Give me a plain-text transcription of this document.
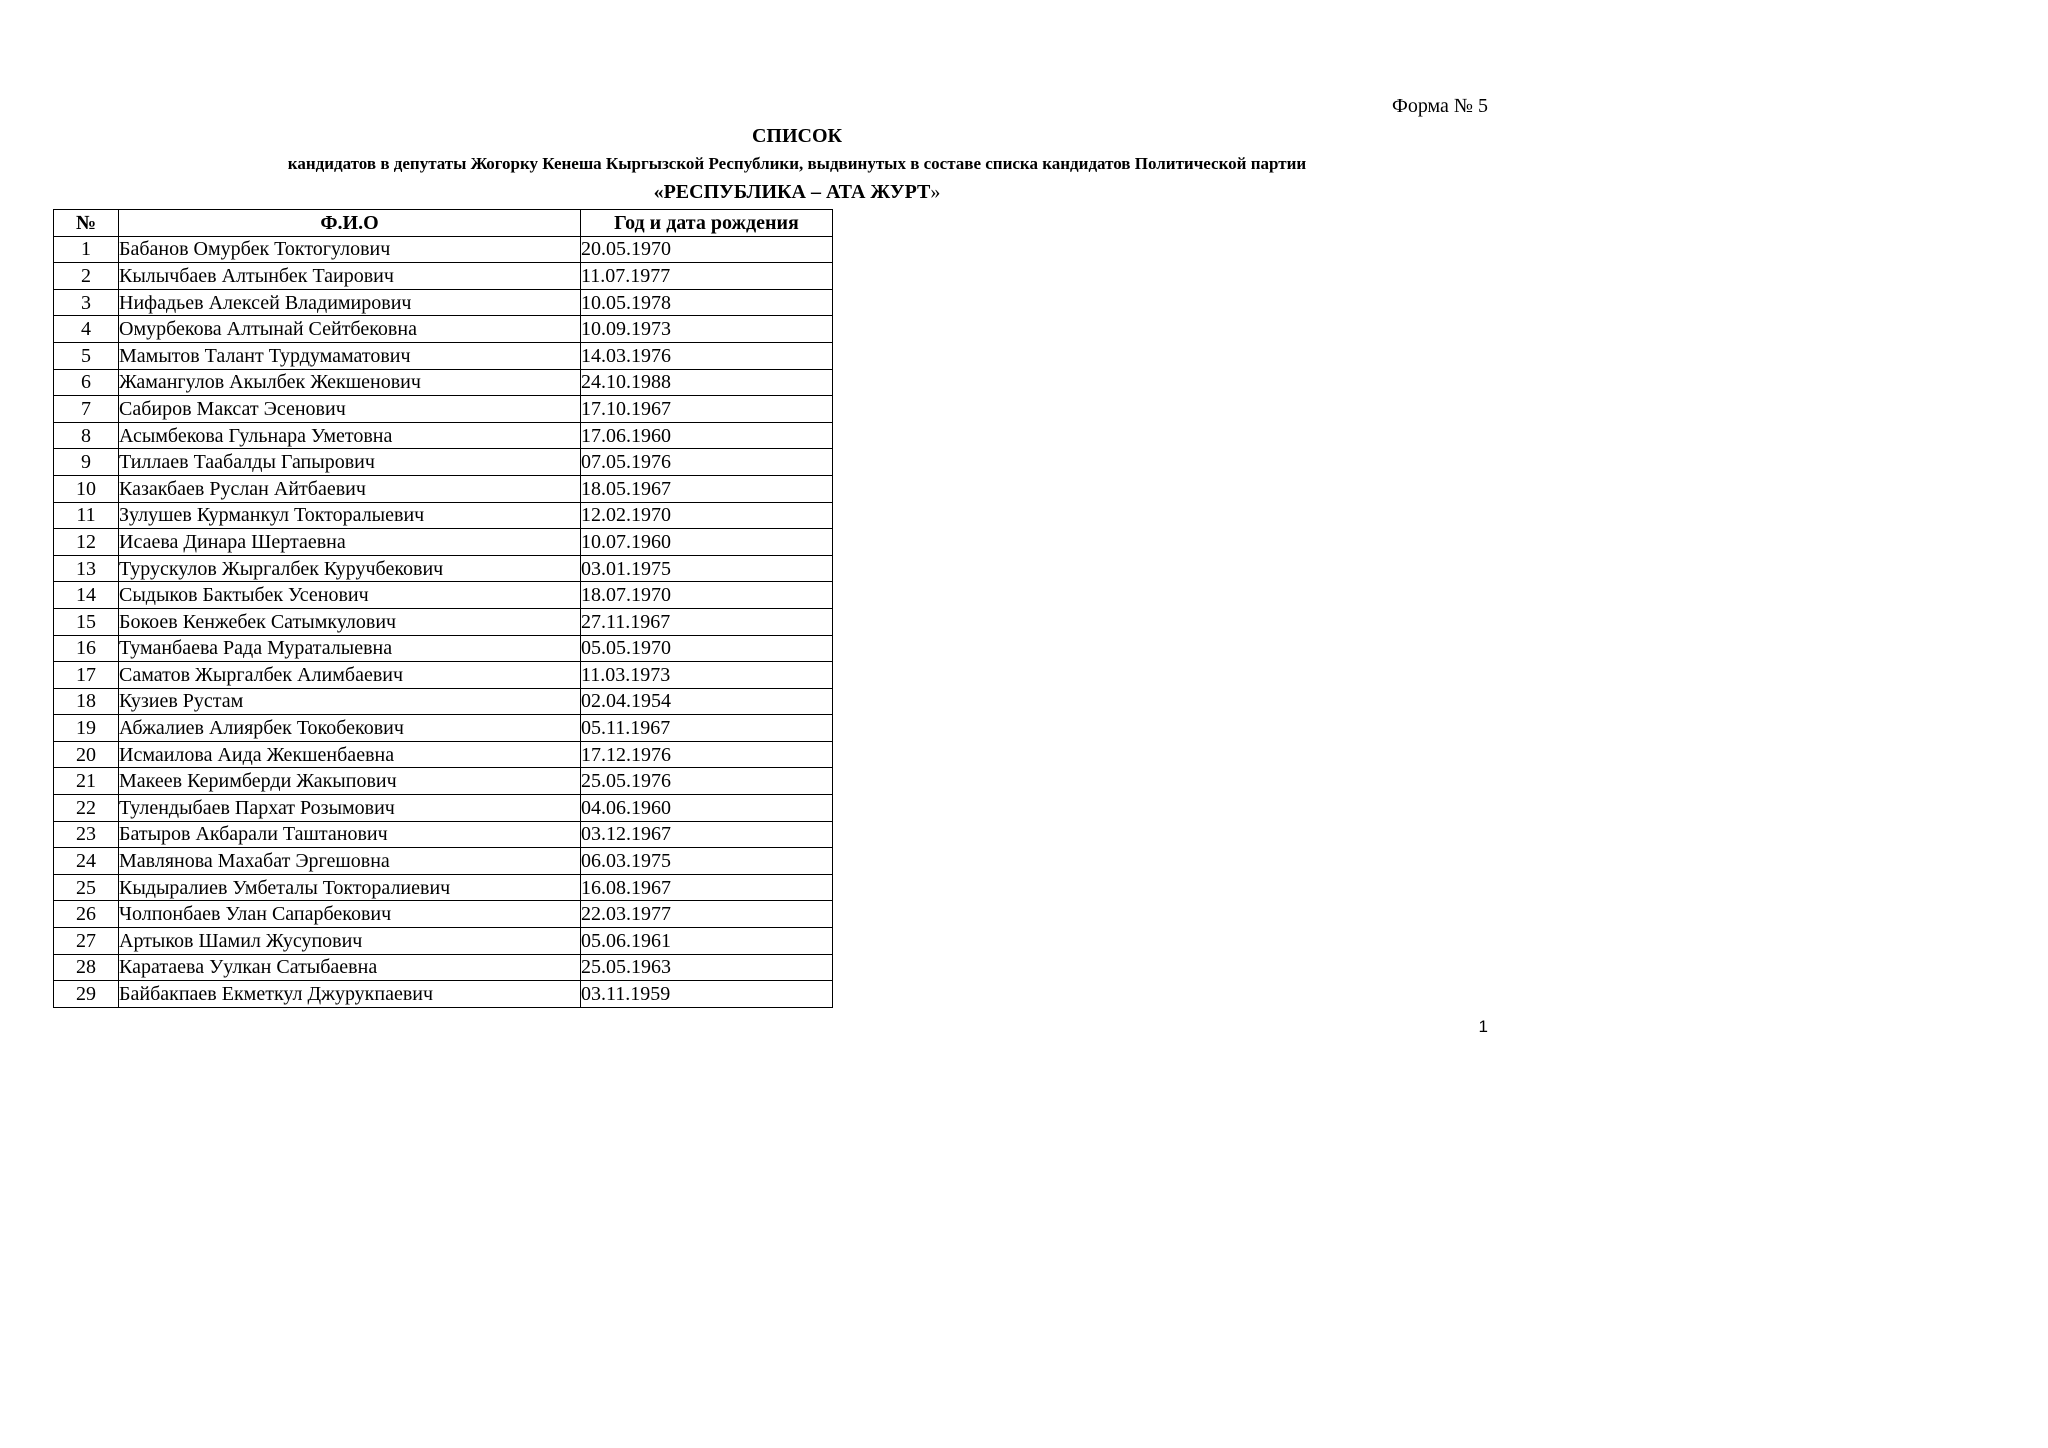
Форма № 5
СПИСОК
кандидатов в депутаты Жогорку Кенеша Кыргызской Республики, выдвинутых в составе списка кандидатов Политической партии
«РЕСПУБЛИКА – АТА ЖУРТ»
№	Ф.И.О	Год и дата рождения
1	Бабанов Омурбек Токтогулович	20.05.1970
2	Кылычбаев Алтынбек Таирович	11.07.1977
3	Нифадьев Алексей Владимирович	10.05.1978
4	Омурбекова Алтынай Сейтбековна	10.09.1973
5	Мамытов Талант Турдумаматович	14.03.1976
6	Жамангулов Акылбек Жекшенович	24.10.1988
7	Сабиров Максат Эсенович	17.10.1967
8	Асымбекова Гульнара Уметовна	17.06.1960
9	Тиллаев Таабалды Гапырович	07.05.1976
10	Казакбаев Руслан Айтбаевич	18.05.1967
11	Зулушев Курманкул Токторалыевич	12.02.1970
12	Исаева Динара Шертаевна	10.07.1960
13	Турускулов Жыргалбек Куручбекович	03.01.1975
14	Сыдыков Бактыбек Усенович	18.07.1970
15	Бокоев Кенжебек Сатымкулович	27.11.1967
16	Туманбаева Рада Мураталыевна	05.05.1970
17	Саматов Жыргалбек Алимбаевич	11.03.1973
18	Кузиев Рустам	02.04.1954
19	Абжалиев Алиярбек Токобекович	05.11.1967
20	Исмаилова Аида Жекшенбаевна	17.12.1976
21	Макеев Керимберди Жакыпович	25.05.1976
22	Тулендыбаев Пархат Розымович	04.06.1960
23	Батыров Акбарали Таштанович	03.12.1967
24	Мавлянова Махабат Эргешовна	06.03.1975
25	Кыдыралиев Умбеталы Токторалиевич	16.08.1967
26	Чолпонбаев Улан Сапарбекович	22.03.1977
27	Артыков Шамил Жусупович	05.06.1961
28	Каратаева Уулкан Сатыбаевна	25.05.1963
29	Байбакпаев Екметкул Джурукпаевич	03.11.1959
1
